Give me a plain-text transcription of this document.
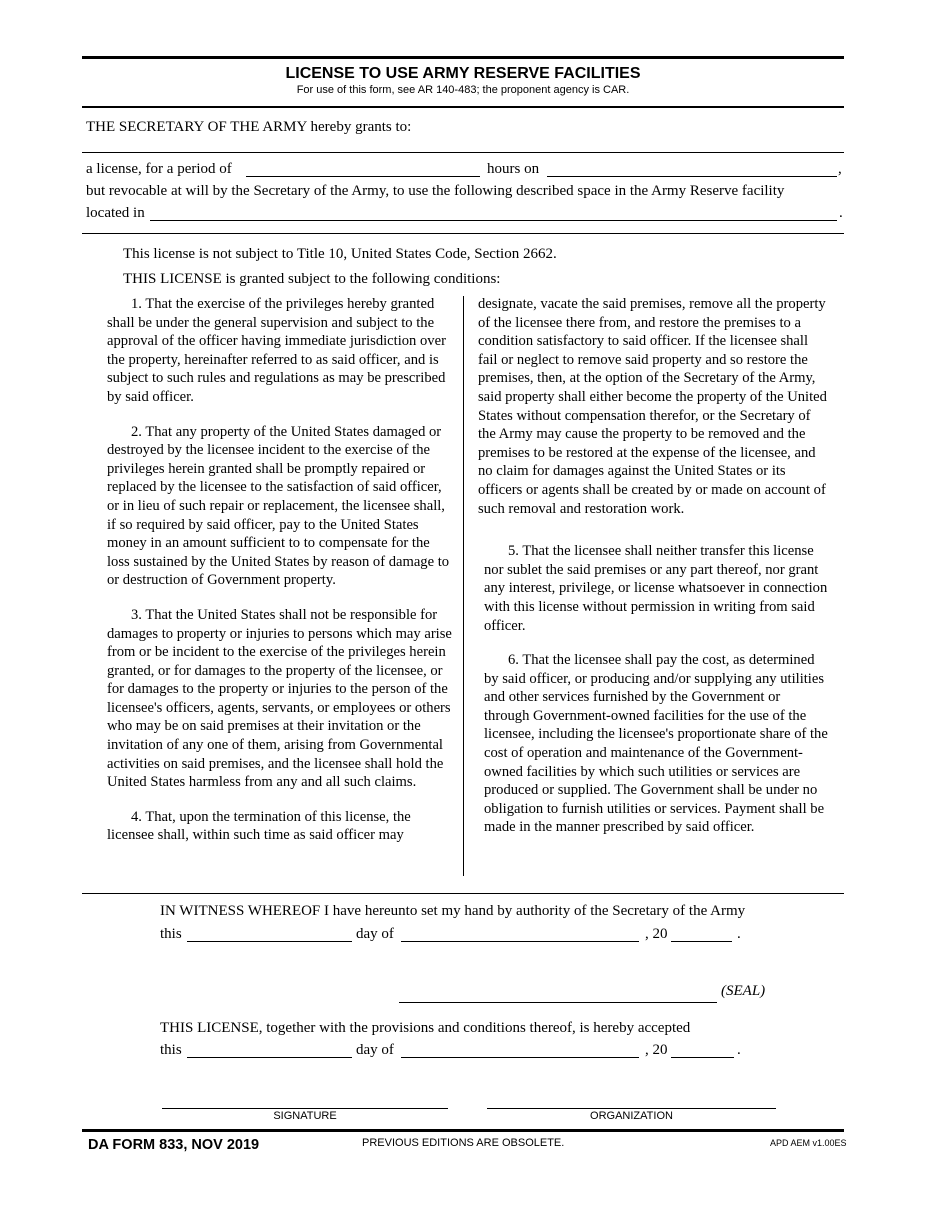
LICENSE TO USE ARMY RESERVE FACILITIES
For use of this form, see AR 140-483; the proponent agency is CAR.
THE SECRETARY OF THE ARMY hereby grants to:
a license, for a period of	hours on	,
but revocable at will by the Secretary of the Army, to use the following described space in the Army Reserve facility
located in	.
This license is not subject to Title 10, United States Code, Section 2662.
THIS LICENSE is granted subject to the following conditions:

1. That the exercise of the privileges hereby granted shall be under the general supervision and subject to the approval of the officer having immediate jurisdiction over the property, hereinafter referred to as said officer, and is subject to such rules and regulations as may be prescribed by said officer.

2. That any property of the United States damaged or destroyed by the licensee incident to the exercise of the privileges herein granted shall be promptly repaired or replaced by the licensee to the satisfaction of said officer, or in lieu of such repair or replacement, the licensee shall, if so required by said officer, pay to the United States money in an amount sufficient to to compensate for the loss sustained by the United States by reason of damage to or destruction of Government property.

3. That the United States shall not be responsible for damages to property or injuries to persons which may arise from or be incident to the exercise of the privileges herein granted, or for damages to the property of the licensee, or for damages to the property or injuries to the person of the licensee's officers, agents, servants, or employees or others who may be on said premises at their invitation or the invitation of any one of them, arising from Governmental activities on said premises, and the licensee shall hold the United States harmless from any and all such claims.

4. That, upon the termination of this license, the licensee shall, within such time as said officer may

designate, vacate the said premises, remove all the property of the licensee there from, and restore the premises to a condition satisfactory to said officer. If the licensee shall fail or neglect to remove said property and so restore the premises, then, at the option of the Secretary of the Army, said property shall either become the property of the United States without compensation therefor, or the Secretary of the Army may cause the property to be removed and the premises to be restored at the expense of the licensee, and no claim for damages against the United States or its officers or agents shall be created by or made on account of such removal and restoration work.

5. That the licensee shall neither transfer this license nor sublet the said premises or any part thereof, nor grant any interest, privilege, or license whatsoever in connection with this license without permission in writing from said officer.

6. That the licensee shall pay the cost, as determined by said officer, or producing and/or supplying any utilities and other services furnished by the Government or through Government-owned facilities for the use of the licensee, including the licensee's proportionate share of the cost of operation and maintenance of the Government-owned facilities by which such utilities or services are produced or supplied. The Government shall be under no obligation to furnish utilities or services. Payment shall be made in the manner prescribed by said officer.

IN WITNESS WHEREOF I have hereunto set my hand by authority of the Secretary of the Army
this	day of	, 20	.
(SEAL)
THIS LICENSE, together with the provisions and conditions thereof, is hereby accepted
this	day of	, 20	.
SIGNATURE	ORGANIZATION
DA FORM 833, NOV 2019	PREVIOUS EDITIONS ARE OBSOLETE.	APD AEM v1.00ES
